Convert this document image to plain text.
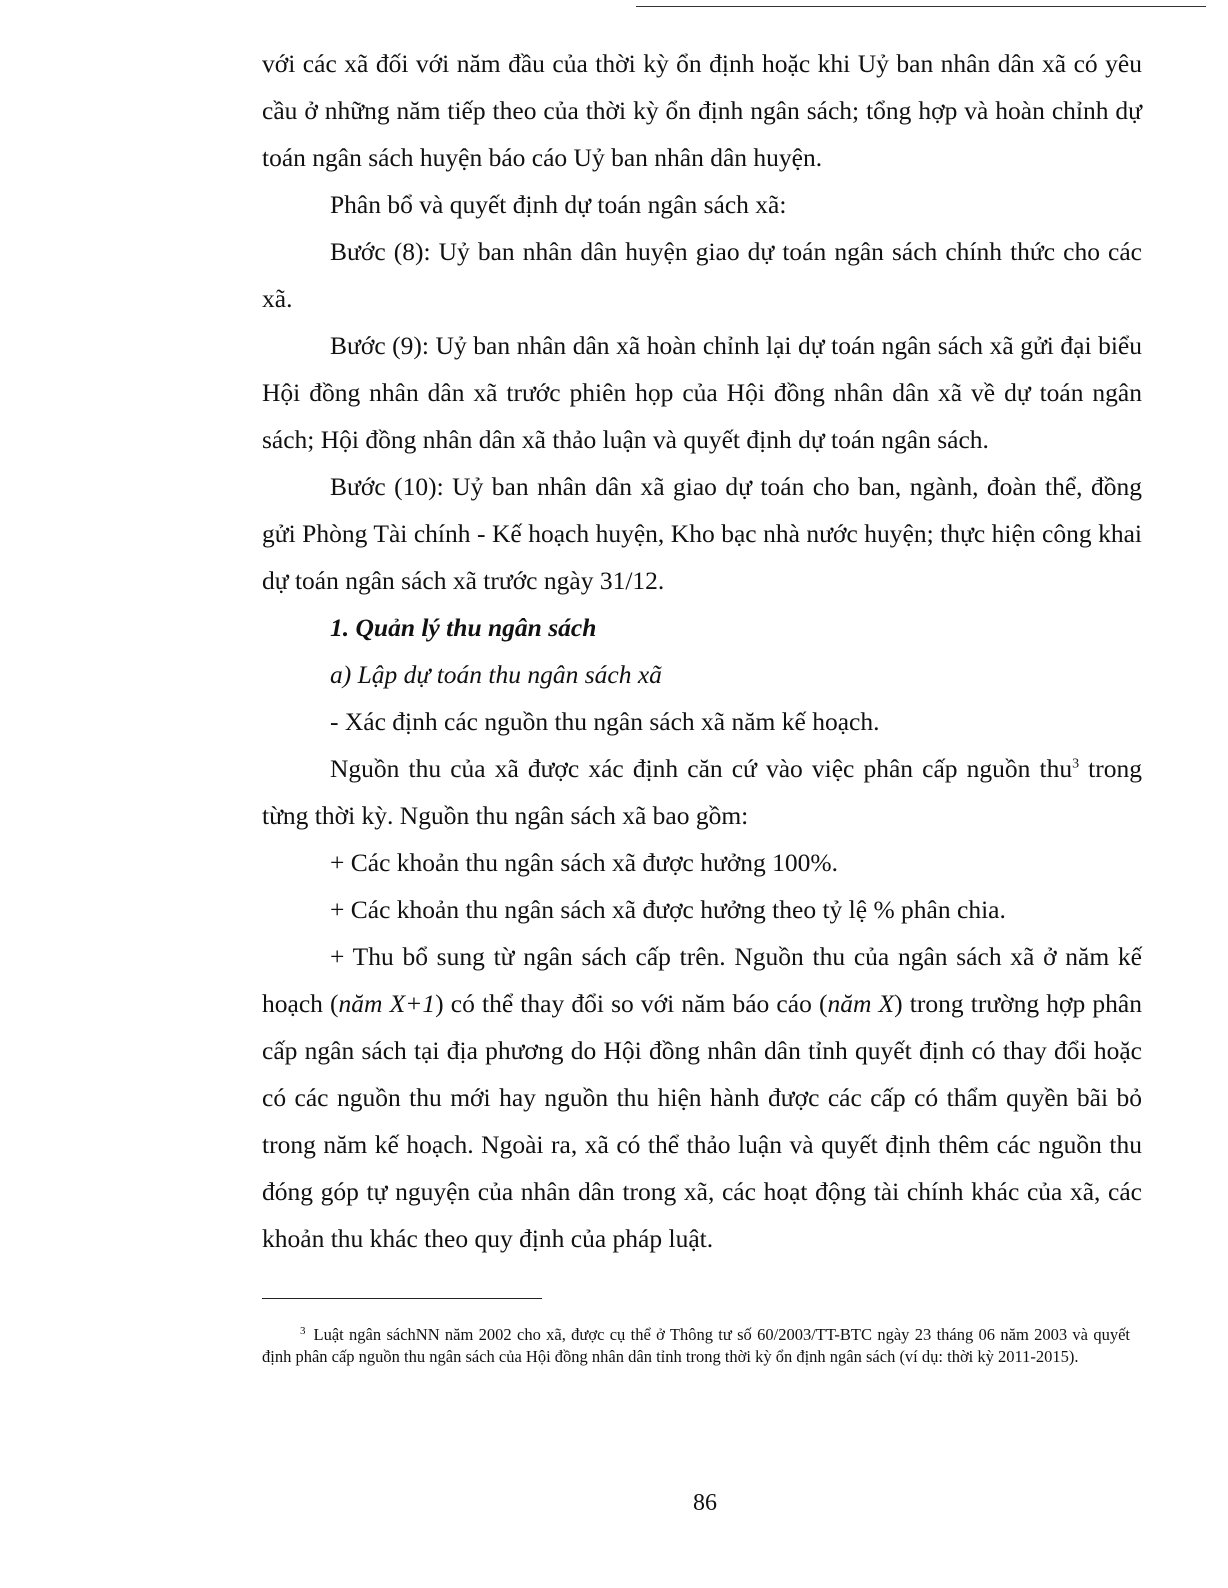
với các xã đối với năm đầu của thời kỳ ổn định hoặc khi Uỷ ban nhân dân xã có yêu cầu ở những năm tiếp theo của thời kỳ ổn định ngân sách; tổng hợp và hoàn chỉnh dự toán ngân sách huyện báo cáo Uỷ ban nhân dân huyện.

Phân bổ và quyết định dự toán ngân sách xã:

Bước (8): Uỷ ban nhân dân huyện giao dự toán ngân sách chính thức cho các xã.

Bước (9): Uỷ ban nhân dân xã hoàn chỉnh lại dự toán ngân sách xã gửi đại biểu Hội đồng nhân dân xã trước phiên họp của Hội đồng nhân dân xã về dự toán ngân sách; Hội đồng nhân dân xã thảo luận và quyết định dự toán ngân sách.

Bước (10): Uỷ ban nhân dân xã giao dự toán cho ban, ngành, đoàn thể, đồng gửi Phòng Tài chính - Kế hoạch huyện, Kho bạc nhà nước huyện; thực hiện công khai dự toán ngân sách xã trước ngày 31/12.

1. Quản lý thu ngân sách

a) Lập dự toán thu ngân sách xã

- Xác định các nguồn thu ngân sách xã năm kế hoạch.

Nguồn thu của xã được xác định căn cứ vào việc phân cấp nguồn thu$^3$ trong từng thời kỳ. Nguồn thu ngân sách xã bao gồm:

+ Các khoản thu ngân sách xã được hưởng 100%.

+ Các khoản thu ngân sách xã được hưởng theo tỷ lệ % phân chia.

+ Thu bổ sung từ ngân sách cấp trên. Nguồn thu của ngân sách xã ở năm kế hoạch (năm X+1) có thể thay đổi so với năm báo cáo (năm X) trong trường hợp phân cấp ngân sách tại địa phương do Hội đồng nhân dân tỉnh quyết định có thay đổi hoặc có các nguồn thu mới hay nguồn thu hiện hành được các cấp có thẩm quyền bãi bỏ trong năm kế hoạch. Ngoài ra, xã có thể thảo luận và quyết định thêm các nguồn thu đóng góp tự nguyện của nhân dân trong xã, các hoạt động tài chính khác của xã, các khoản thu khác theo quy định của pháp luật.

$^3$ Luật ngân sáchNN năm 2002 cho xã, được cụ thể ở Thông tư số 60/2003/TT-BTC ngày 23 tháng 06 năm 2003 và quyết định phân cấp nguồn thu ngân sách của Hội đồng nhân dân tỉnh trong thời kỳ ổn định ngân sách (ví dụ: thời kỳ 2011-2015).

86
